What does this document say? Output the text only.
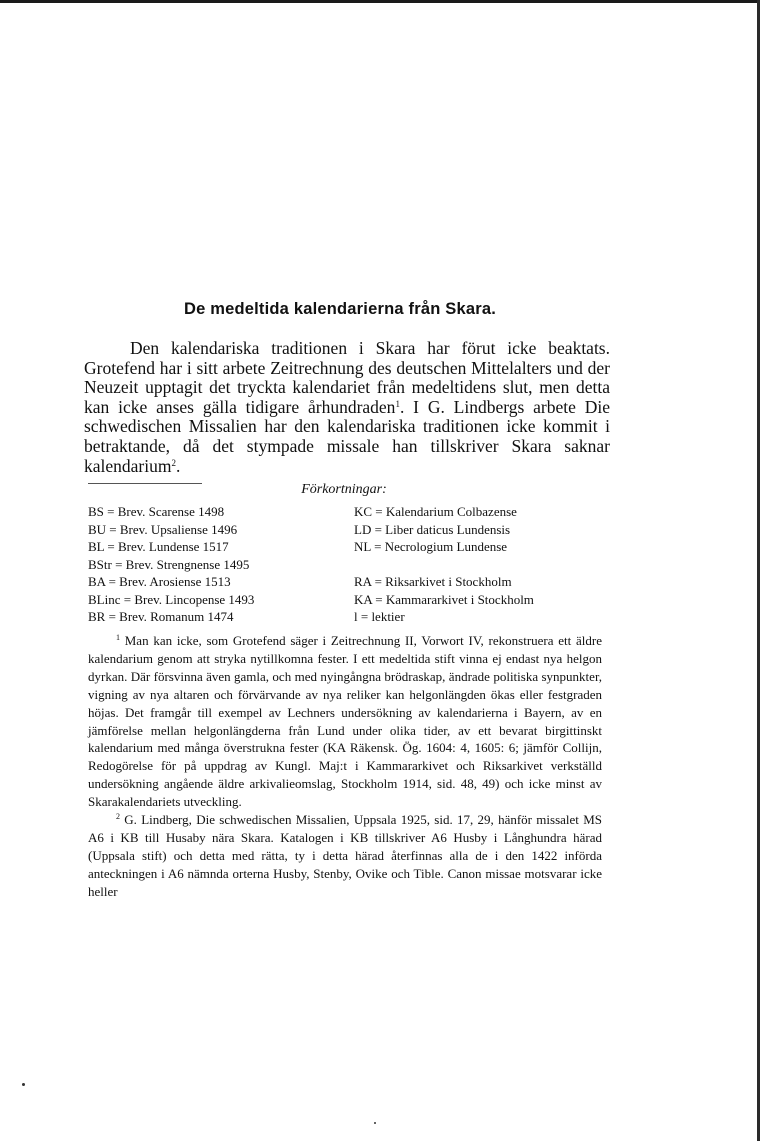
De medeltida kalendarierna från Skara.

Den kalendariska traditionen i Skara har förut icke beaktats. Grotefend har i sitt arbete Zeitrechnung des deutschen Mittelalters und der Neuzeit upptagit det tryckta kalendariet från medeltidens slut, men detta kan icke anses gälla tidigare århundraden$^1$. I G. Lindbergs arbete Die schwedischen Missalien har den kalendariska traditionen icke kommit i betraktande, då det stympade missale han tillskriver Skara saknar kalendarium$^2$.

Förkortningar:
BS = Brev. Scarense 1498
BU = Brev. Upsaliense 1496
BL = Brev. Lundense 1517
BStr = Brev. Strengnense 1495
BA = Brev. Arosiense 1513
BLinc = Brev. Lincopense 1493
BR = Brev. Romanum 1474
KC = Kalendarium Colbazense
LD = Liber daticus Lundensis
NL = Necrologium Lundense
RA = Riksarkivet i Stockholm
KA = Kammararkivet i Stockholm
l = lektier

$^1$ Man kan icke, som Grotefend säger i Zeitrechnung II, Vorwort IV, rekonstruera ett äldre kalendarium genom att stryka nytillkomna fester. I ett medeltida stift vinna ej endast nya helgon dyrkan. Där försvinna även gamla, och med nyingångna brödraskap, ändrade politiska synpunkter, vigning av nya altaren och förvärvande av nya reliker kan helgonlängden ökas eller festgraden höjas. Det framgår till exempel av Lechners undersökning av kalendarierna i Bayern, av en jämförelse mellan helgonlängderna från Lund under olika tider, av ett bevarat birgittinskt kalendarium med många överstrukna fester (KA Räkensk. Ög. 1604: 4, 1605: 6; jämför Collijn, Redogörelse för på uppdrag av Kungl. Maj:t i Kammararkivet och Riksarkivet verkställd undersökning angående äldre arkivalieomslag, Stockholm 1914, sid. 48, 49) och icke minst av Skarakalendariets utveckling.

$^2$ G. Lindberg, Die schwedischen Missalien, Uppsala 1925, sid. 17, 29, hänför missalet MS A6 i KB till Husaby nära Skara. Katalogen i KB tillskriver A6 Husby i Långhundra härad (Uppsala stift) och detta med rätta, ty i detta härad återfinnas alla de i den 1422 införda anteckningen i A6 nämnda orterna Husby, Stenby, Ovike och Tible. Canon missae motsvarar icke heller
